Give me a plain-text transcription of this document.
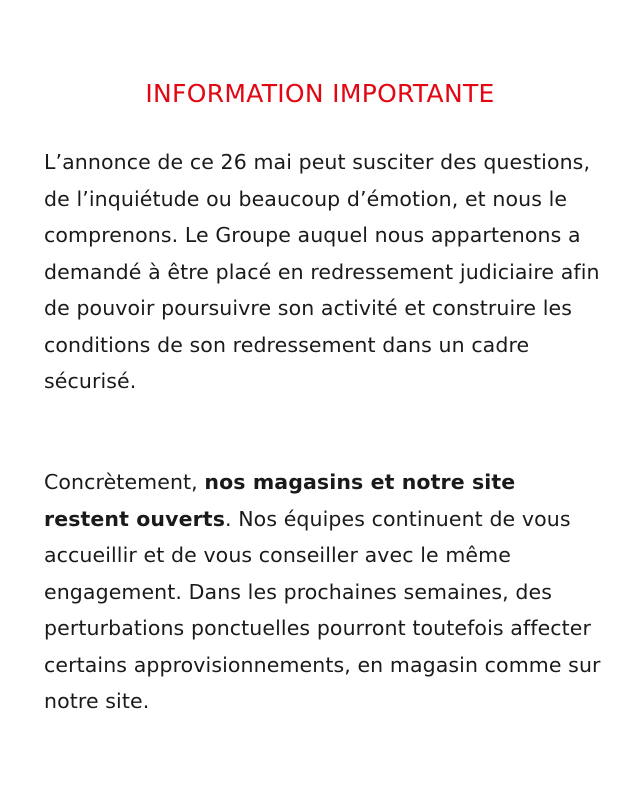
INFORMATION IMPORTANTE

L’annonce de ce 26 mai peut susciter des questions, de l’inquiétude ou beaucoup d’émotion, et nous le comprenons. Le Groupe auquel nous appartenons a demandé à être placé en redressement judiciaire afin de pouvoir poursuivre son activité et construire les conditions de son redressement dans un cadre sécurisé.

Concrètement, nos magasins et notre site restent ouverts. Nos équipes continuent de vous accueillir et de vous conseiller avec le même engagement. Dans les prochaines semaines, des perturbations ponctuelles pourront toutefois affecter certains approvisionnements, en magasin comme sur notre site.
